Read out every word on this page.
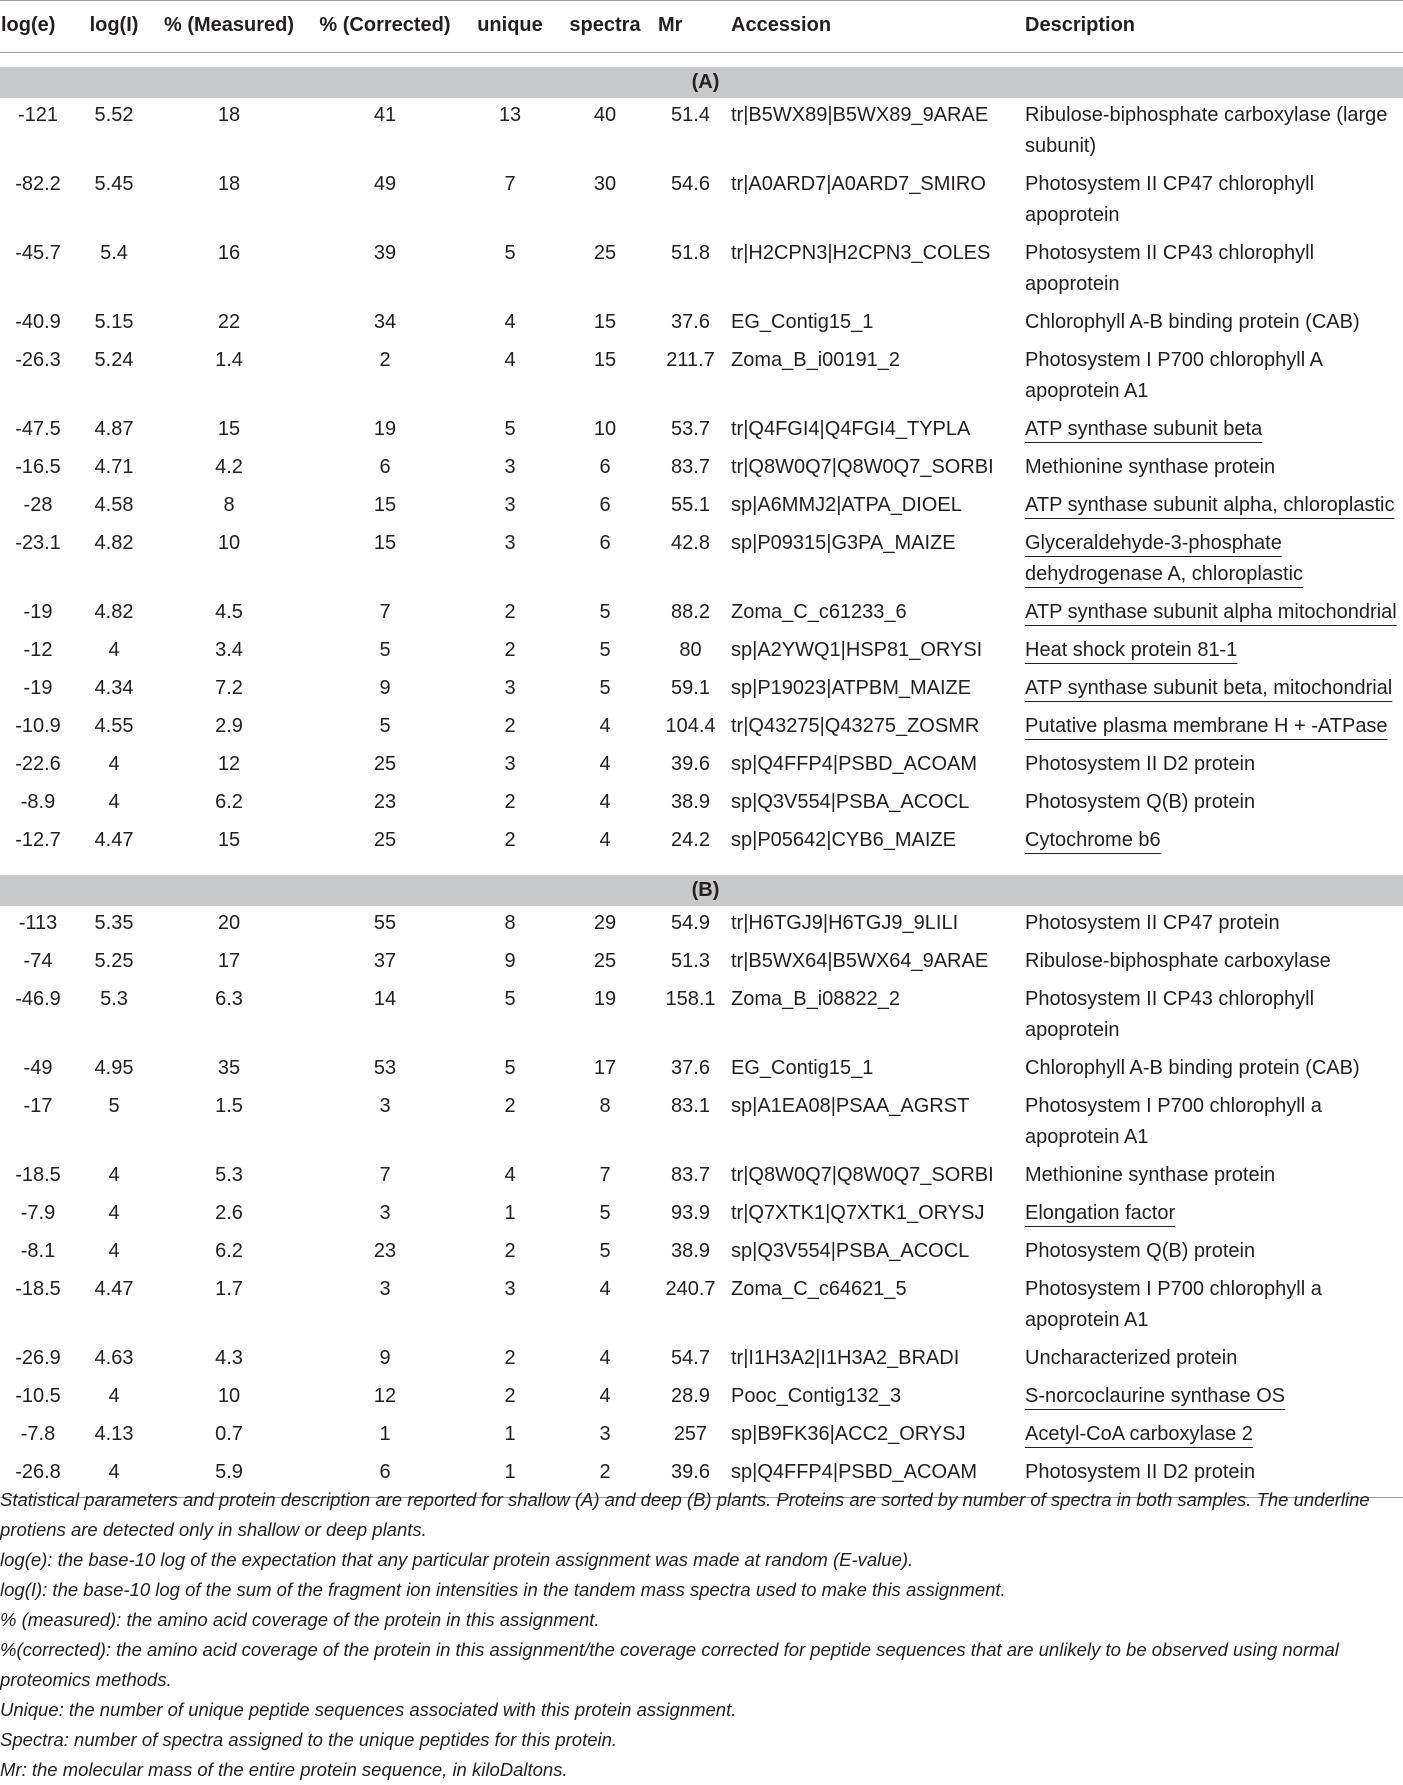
log(e)	log(I)	% (Measured)	% (Corrected)	unique	spectra	Mr	Accession	Description

(A)								
-121	5.52	18	41	13	40	51.4	tr|B5WX89|B5WX89_9ARAE	Ribulose-biphosphate carboxylase (large subunit)
-82.2	5.45	18	49	7	30	54.6	tr|A0ARD7|A0ARD7_SMIRO	Photosystem II CP47 chlorophyll apoprotein
-45.7	5.4	16	39	5	25	51.8	tr|H2CPN3|H2CPN3_COLES	Photosystem II CP43 chlorophyll apoprotein
-40.9	5.15	22	34	4	15	37.6	EG_Contig15_1	Chlorophyll A-B binding protein (CAB)
-26.3	5.24	1.4	2	4	15	211.7	Zoma_B_i00191_2	Photosystem I P700 chlorophyll A apoprotein A1
-47.5	4.87	15	19	5	10	53.7	tr|Q4FGI4|Q4FGI4_TYPLA	ATP synthase subunit beta
-16.5	4.71	4.2	6	3	6	83.7	tr|Q8W0Q7|Q8W0Q7_SORBI	Methionine synthase protein
-28	4.58	8	15	3	6	55.1	sp|A6MMJ2|ATPA_DIOEL	ATP synthase subunit alpha, chloroplastic
-23.1	4.82	10	15	3	6	42.8	sp|P09315|G3PA_MAIZE	Glyceraldehyde-3-phosphate dehydrogenase A, chloroplastic
-19	4.82	4.5	7	2	5	88.2	Zoma_C_c61233_6	ATP synthase subunit alpha mitochondrial
-12	4	3.4	5	2	5	80	sp|A2YWQ1|HSP81_ORYSI	Heat shock protein 81-1
-19	4.34	7.2	9	3	5	59.1	sp|P19023|ATPBM_MAIZE	ATP synthase subunit beta, mitochondrial
-10.9	4.55	2.9	5	2	4	104.4	tr|Q43275|Q43275_ZOSMR	Putative plasma membrane H + -ATPase
-22.6	4	12	25	3	4	39.6	sp|Q4FFP4|PSBD_ACOAM	Photosystem II D2 protein
-8.9	4	6.2	23	2	4	38.9	sp|Q3V554|PSBA_ACOCL	Photosystem Q(B) protein
-12.7	4.47	15	25	2	4	24.2	sp|P05642|CYB6_MAIZE	Cytochrome b6

(B)								
-113	5.35	20	55	8	29	54.9	tr|H6TGJ9|H6TGJ9_9LILI	Photosystem II CP47 protein
-74	5.25	17	37	9	25	51.3	tr|B5WX64|B5WX64_9ARAE	Ribulose-biphosphate carboxylase
-46.9	5.3	6.3	14	5	19	158.1	Zoma_B_i08822_2	Photosystem II CP43 chlorophyll apoprotein
-49	4.95	35	53	5	17	37.6	EG_Contig15_1	Chlorophyll A-B binding protein (CAB)
-17	5	1.5	3	2	8	83.1	sp|A1EA08|PSAA_AGRST	Photosystem I P700 chlorophyll a apoprotein A1
-18.5	4	5.3	7	4	7	83.7	tr|Q8W0Q7|Q8W0Q7_SORBI	Methionine synthase protein
-7.9	4	2.6	3	1	5	93.9	tr|Q7XTK1|Q7XTK1_ORYSJ	Elongation factor
-8.1	4	6.2	23	2	5	38.9	sp|Q3V554|PSBA_ACOCL	Photosystem Q(B) protein
-18.5	4.47	1.7	3	3	4	240.7	Zoma_C_c64621_5	Photosystem I P700 chlorophyll a apoprotein A1
-26.9	4.63	4.3	9	2	4	54.7	tr|I1H3A2|I1H3A2_BRADI	Uncharacterized protein
-10.5	4	10	12	2	4	28.9	Pooc_Contig132_3	S-norcoclaurine synthase OS
-7.8	4.13	0.7	1	1	3	257	sp|B9FK36|ACC2_ORYSJ	Acetyl-CoA carboxylase 2
-26.8	4	5.9	6	1	2	39.6	sp|Q4FFP4|PSBD_ACOAM	Photosystem II D2 protein

Statistical parameters and protein description are reported for shallow (A) and deep (B) plants. Proteins are sorted by number of spectra in both samples. The underline protiens are detected only in shallow or deep plants.

log(e): the base-10 log of the expectation that any particular protein assignment was made at random (E-value).

log(I): the base-10 log of the sum of the fragment ion intensities in the tandem mass spectra used to make this assignment.

% (measured): the amino acid coverage of the protein in this assignment.

%(corrected): the amino acid coverage of the protein in this assignment/the coverage corrected for peptide sequences that are unlikely to be observed using normal proteomics methods.

Unique: the number of unique peptide sequences associated with this protein assignment.

Spectra: number of spectra assigned to the unique peptides for this protein.

Mr: the molecular mass of the entire protein sequence, in kiloDaltons.
